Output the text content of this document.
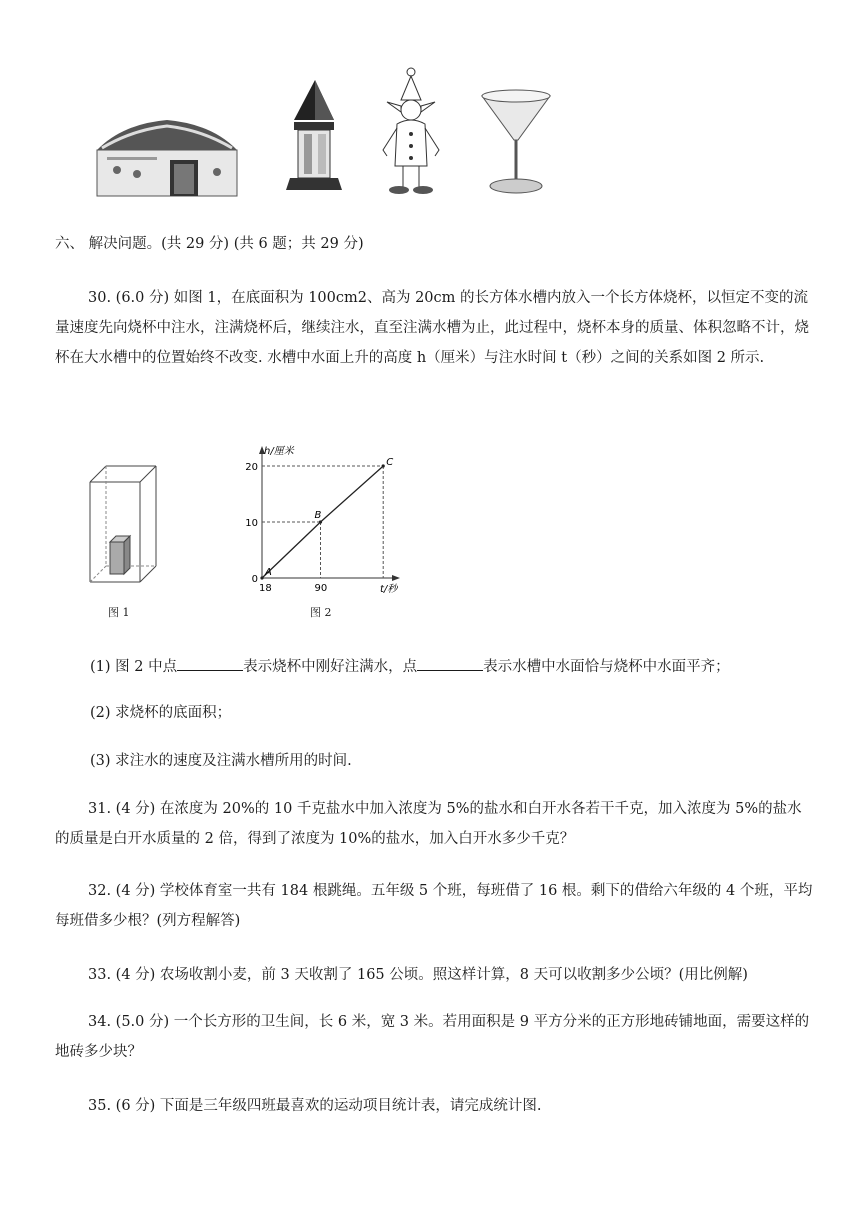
六、 解决问题。(共 29 分) (共 6 题；共 29 分)
30. (6.0 分) 如图 1，在底面积为 100cm2、高为 20cm 的长方体水槽内放入一个长方体烧杯，以恒定不变的流量速度先向烧杯中注水，注满烧杯后，继续注水，直至注满水槽为止，此过程中，烧杯本身的质量、体积忽略不计，烧杯在大水槽中的位置始终不改变. 水槽中水面上升的高度 h（厘米）与注水时间 t（秒）之间的关系如图 2 所示.
图 1
A
B
C
0
10
20
18	90
h/厘米
t/秒
图 2
(1) 图 2 中点	表示烧杯中刚好注满水，点	表示水槽中水面恰与烧杯中水面平齐；
(2) 求烧杯的底面积；
(3) 求注水的速度及注满水槽所用的时间.
31. (4 分) 在浓度为 20%的 10 千克盐水中加入浓度为 5%的盐水和白开水各若干千克，加入浓度为 5%的盐水的质量是白开水质量的 2 倍，得到了浓度为 10%的盐水，加入白开水多少千克？
32. (4 分) 学校体育室一共有 184 根跳绳。五年级 5 个班，每班借了 16 根。剩下的借给六年级的 4 个班，平均每班借多少根？(列方程解答)
33. (4 分) 农场收割小麦，前 3 天收割了 165 公顷。照这样计算，8 天可以收割多少公顷？(用比例解)
34. (5.0 分) 一个长方形的卫生间，长 6 米，宽 3 米。若用面积是 9 平方分米的正方形地砖铺地面，需要这样的地砖多少块？
35. (6 分) 下面是三年级四班最喜欢的运动项目统计表，请完成统计图.
